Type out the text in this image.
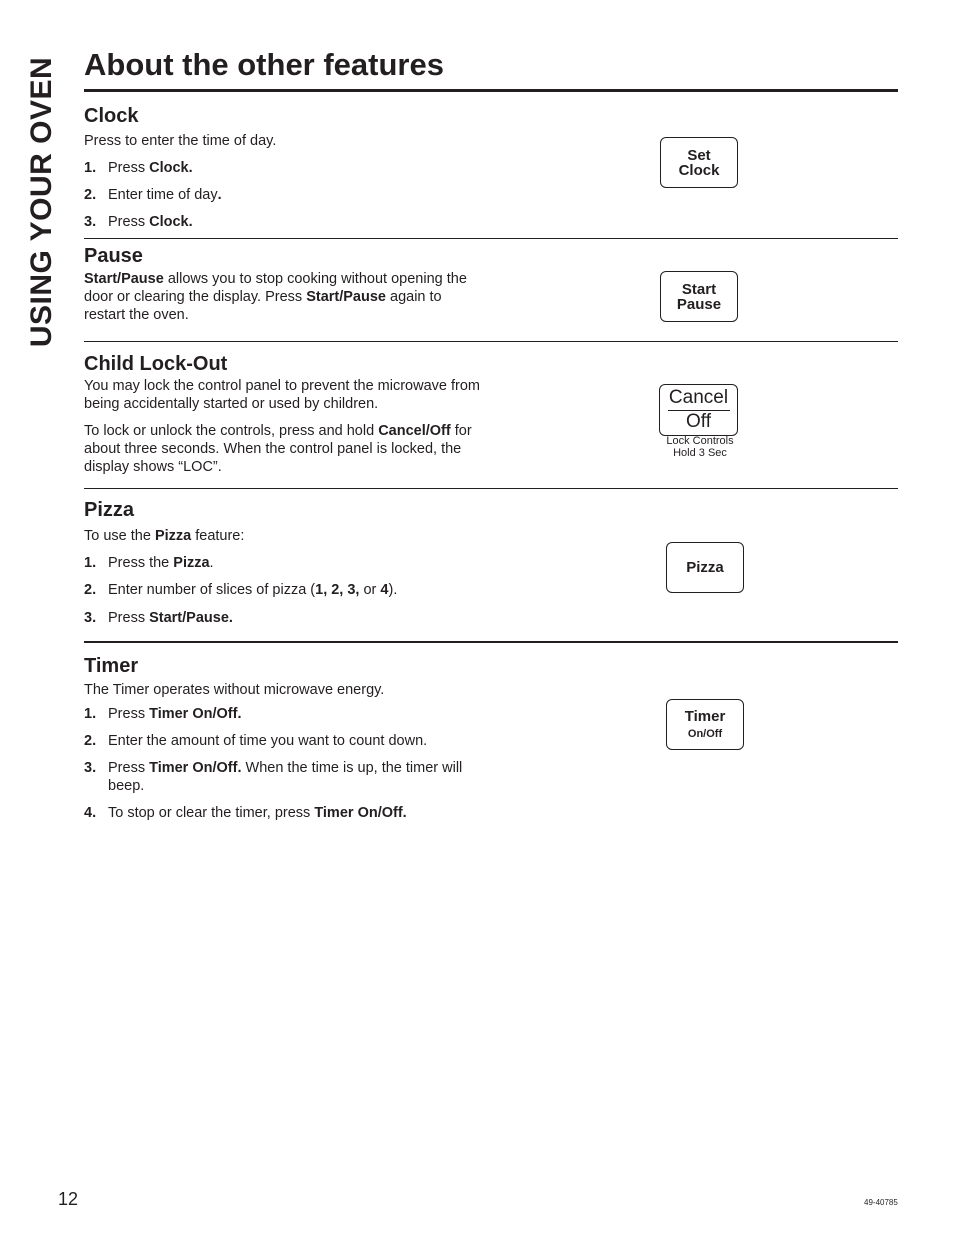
USING YOUR OVEN About the other features
Clock

Press to enter the time of day.

1. Press Clock.
2. Enter time of day.
3. Press Clock.
Set
Clock
Pause

Start/Pause allows you to stop cooking without opening the door or clearing the display. Press Start/Pause again to restart the oven.

Start
Pause
Child Lock-Out

You may lock the control panel to prevent the microwave from being accidentally started or used by children.

To lock or unlock the controls, press and hold Cancel/Off for about three seconds. When the control panel is locked, the display shows “LOC”.

Cancel
Off
Lock Controls
Hold 3 Sec
Pizza

To use the Pizza feature:

1. Press the Pizza.
2. Enter number of slices of pizza (1, 2, 3, or 4).
3. Press Start/Pause.
Pizza
Timer

The Timer operates without microwave energy.

1. Press Timer On/Off.
2. Enter the amount of time you want to count down.
3. Press Timer On/Off. When the time is up, the timer will beep.
4. To stop or clear the timer, press Timer On/Off.
Timer
On/Off
12	49-40785
